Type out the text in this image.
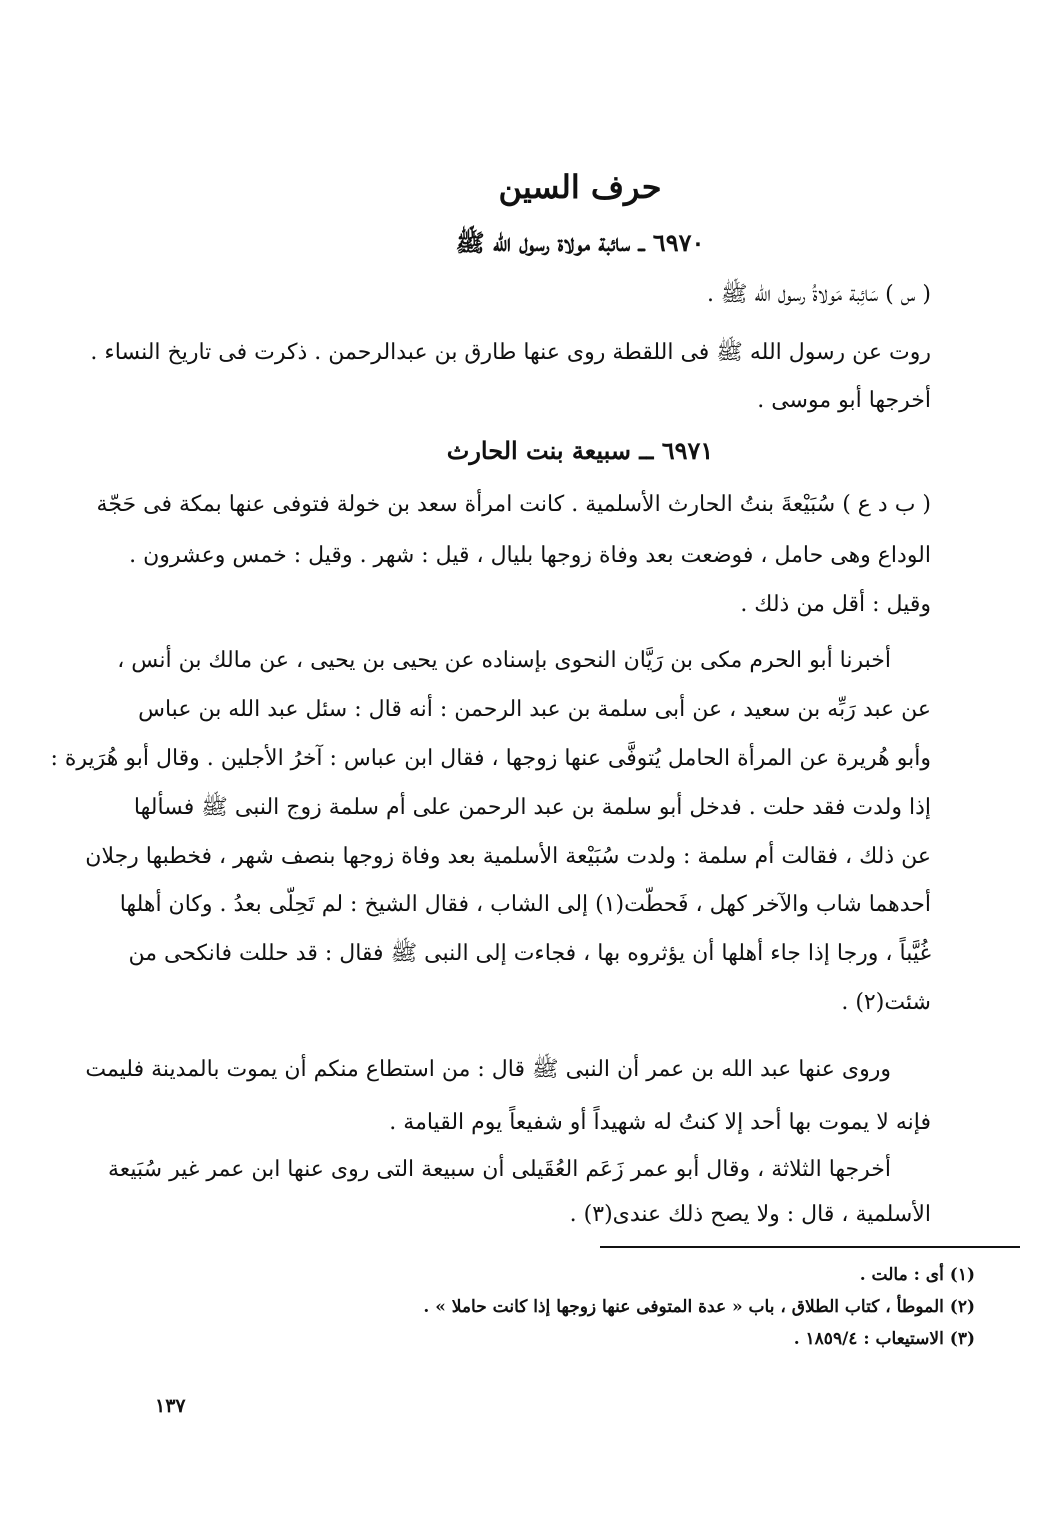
حرف السين
٦٩٧٠ ــ سائبة مولاة رسول الله ﷺ
( س ) سَائِبة مَولاةُ رسول الله ﷺ .
روت عن رسول الله ﷺ فى اللقطة روى عنها طارق بن عبدالرحمن . ذكرت فى تاريخ النساء .
أخرجها أبو موسى .
٦٩٧١ ــ سبيعة بنت الحارث
( ب د ع ) سُبَيْعةَ بنتُ الحارث الأسلمية . كانت امرأة سعد بن خولة فتوفى عنها بمكة فى حَجّة
الوداع وهى حامل ، فوضعت بعد وفاة زوجها بليال ، قيل : شهر . وقيل : خمس وعشرون .
وقيل : أقل من ذلك .
أخبرنا أبو الحرم مكى بن رَيَّان النحوى بإسناده عن يحيى بن يحيى ، عن مالك بن أنس ،
عن عبد رَبِّه بن سعيد ، عن أبى سلمة بن عبد الرحمن : أنه قال : سئل عبد الله بن عباس
وأبو هُريرة عن المرأة الحامل يُتوفَّى عنها زوجها ، فقال ابن عباس : آخرُ الأجلين . وقال أبو هُرَيرة :
إذا ولدت فقد حلت . فدخل أبو سلمة بن عبد الرحمن على أم سلمة زوج النبى ﷺ فسألها
عن ذلك ، فقالت أم سلمة : ولدت سُبَيْعة الأسلمية بعد وفاة زوجها بنصف شهر ، فخطبها رجلان
أحدهما شاب والآخر كهل ، فَحطّت(١) إلى الشاب ، فقال الشيخ : لم تَحِلّى بعدُ . وكان أهلها
غُيَّباً ، ورجا إذا جاء أهلها أن يؤثروه بها ، فجاءت إلى النبى ﷺ فقال : قد حللت فانكحى من
شئت(٢) .
وروى عنها عبد الله بن عمر أن النبى ﷺ قال : من استطاع منكم أن يموت بالمدينة فليمت
فإنه لا يموت بها أحد إلا كنتُ له شهيداً أو شفيعاً يوم القيامة .
أخرجها الثلاثة ، وقال أبو عمر زَعَم العُقَيلى أن سبيعة التى روى عنها ابن عمر غير سُبَيعة
الأسلمية ، قال : ولا يصح ذلك عندى(٣) .
(١) أى : مالت .
(٢) الموطأ ، كتاب الطلاق ، باب « عدة المتوفى عنها زوجها إذا كانت حاملا » .
(٣) الاستيعاب : ١٨٥٩/٤ .
١٣٧
